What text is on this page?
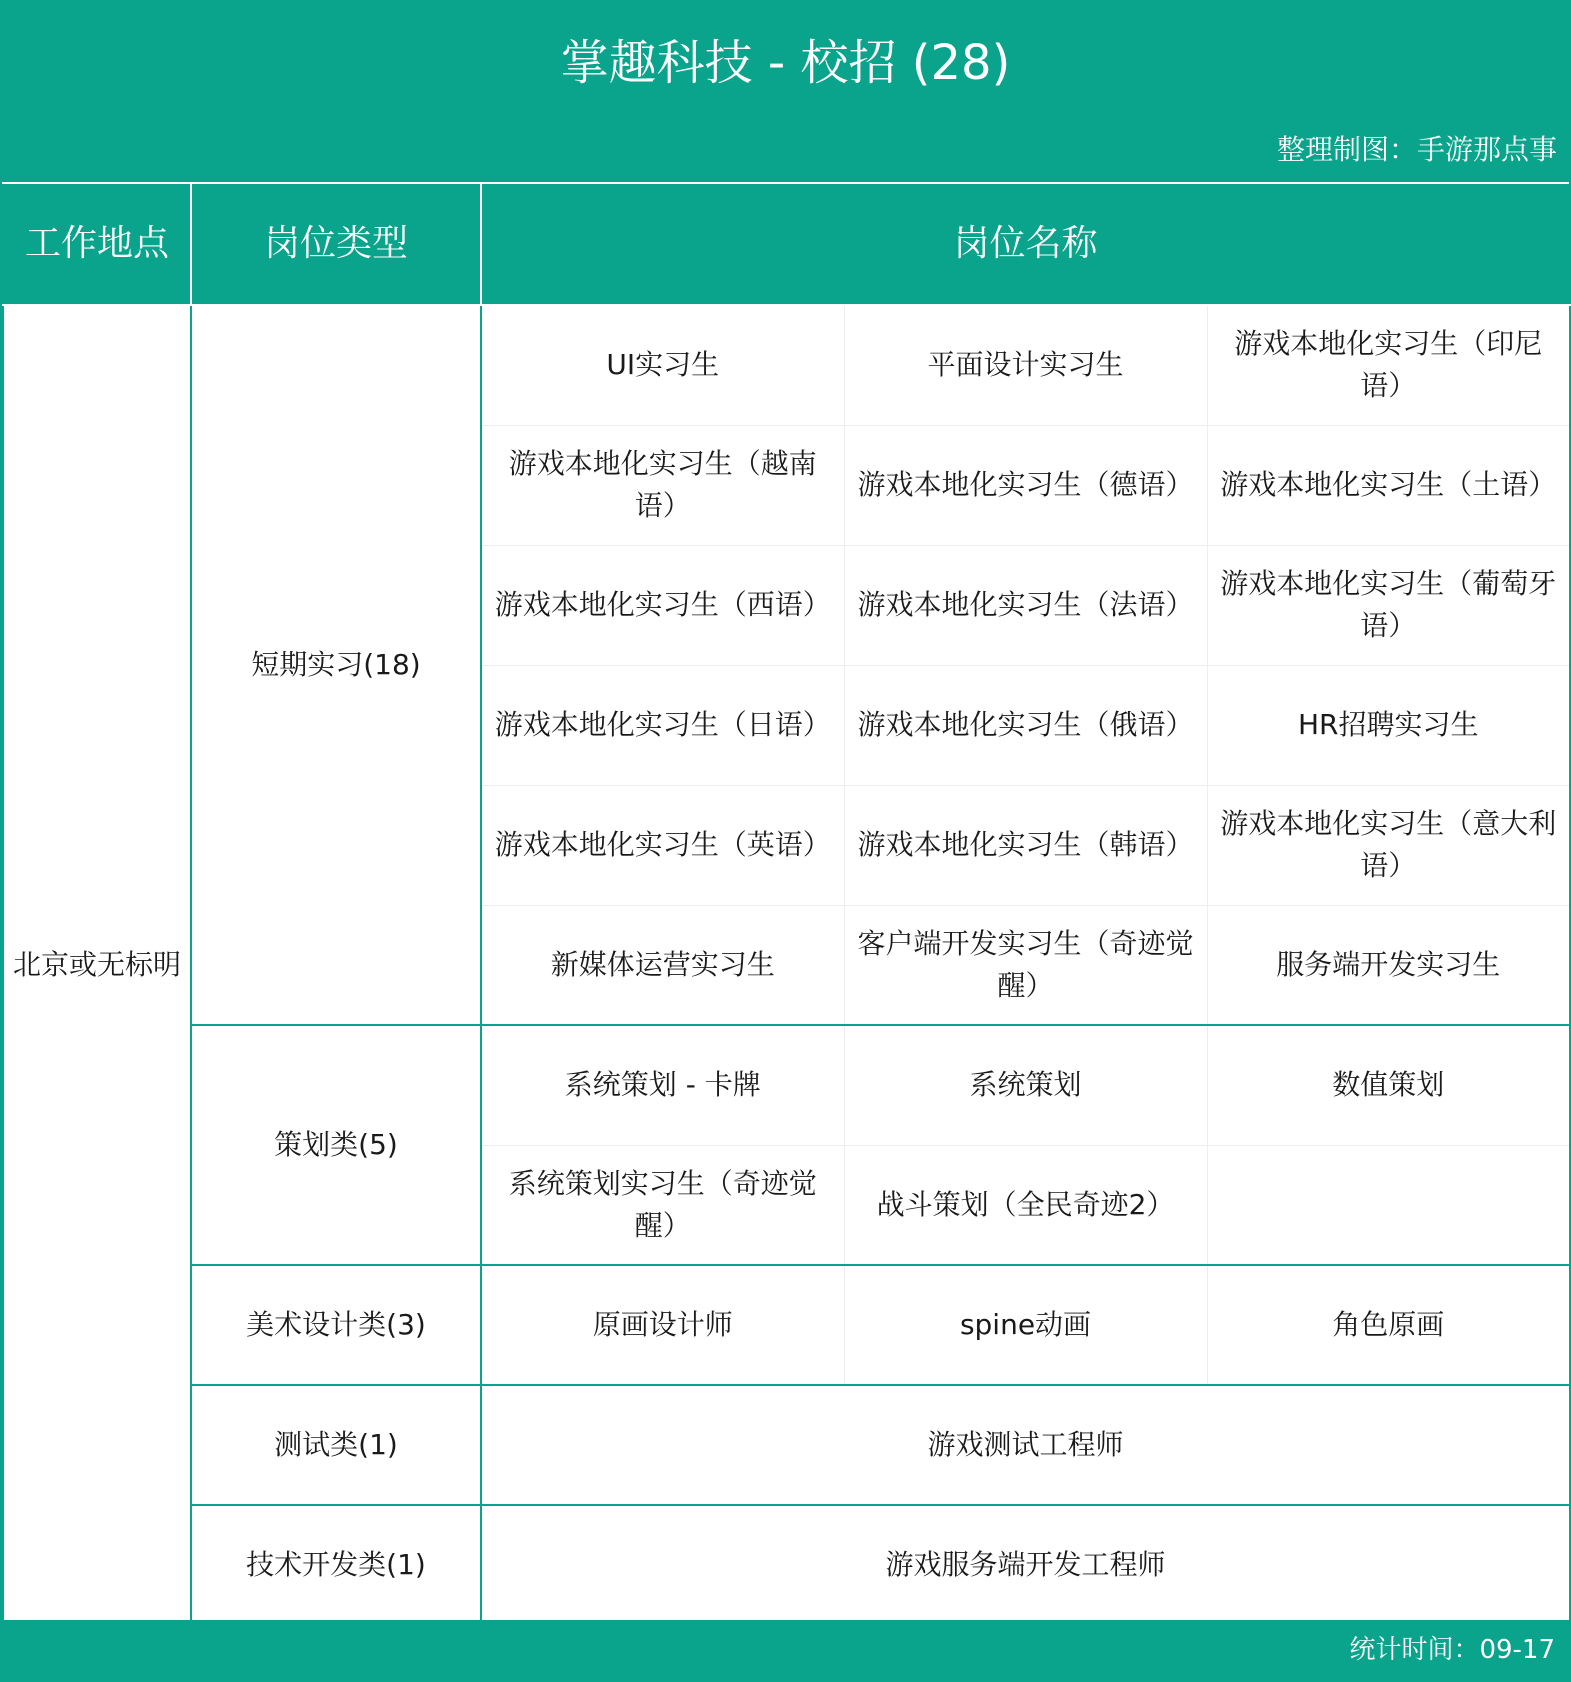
掌趣科技 - 校招 (28)
整理制图：手游那点事
工作地点	岗位类型	岗位名称		
北京或无标明	短期实习(18)	UI实习生	平面设计实习生	游戏本地化实习生（印尼语）
		游戏本地化实习生（越南语）	游戏本地化实习生（德语）	游戏本地化实习生（土语）
		游戏本地化实习生（西语）	游戏本地化实习生（法语）	游戏本地化实习生（葡萄牙语）
		游戏本地化实习生（日语）	游戏本地化实习生（俄语）	HR招聘实习生
		游戏本地化实习生（英语）	游戏本地化实习生（韩语）	游戏本地化实习生（意大利语）
		新媒体运营实习生	客户端开发实习生（奇迹觉醒）	服务端开发实习生
	策划类(5)	系统策划 - 卡牌	系统策划	数值策划
		系统策划实习生（奇迹觉醒）	战斗策划（全民奇迹2）	
	美术设计类(3)	原画设计师	spine动画	角色原画
	测试类(1)	游戏测试工程师		
	技术开发类(1)	游戏服务端开发工程师		
统计时间：09-17
